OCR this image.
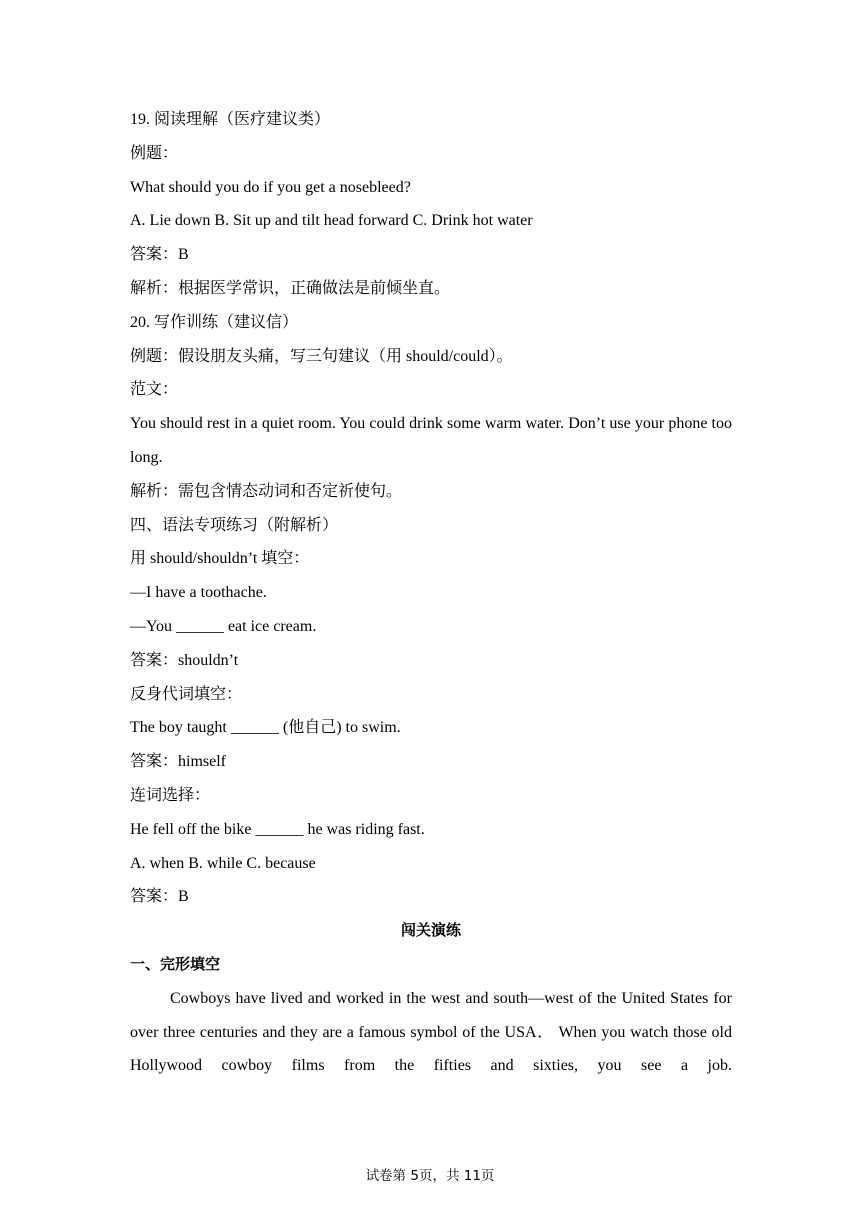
19. 阅读理解（医疗建议类）
例题：
What should you do if you get a nosebleed?
A. Lie down B. Sit up and tilt head forward C. Drink hot water
答案：B
解析：根据医学常识，正确做法是前倾坐直。
20. 写作训练（建议信）
例题：假设朋友头痛，写三句建议（用 should/could）。
范文：
You should rest in a quiet room. You could drink some warm water. Don’t use your phone too long.
解析：需包含情态动词和否定祈使句。
四、语法专项练习（附解析）
用 should/shouldn’t 填空：
—I have a toothache.
—You ______ eat ice cream.
答案：shouldn’t
反身代词填空：
The boy taught ______ (他自己) to swim.
答案：himself
连词选择：
He fell off the bike ______ he was riding fast.
A. when B. while C. because
答案：B
闯关演练
一、完形填空
Cowboys have lived and worked in the west and south—west of the United States for over three centuries and they are a famous symbol of the USA． When you watch those old Hollywood cowboy films from the fifties and sixties, you see a job.
试卷第 5页，共 11页
